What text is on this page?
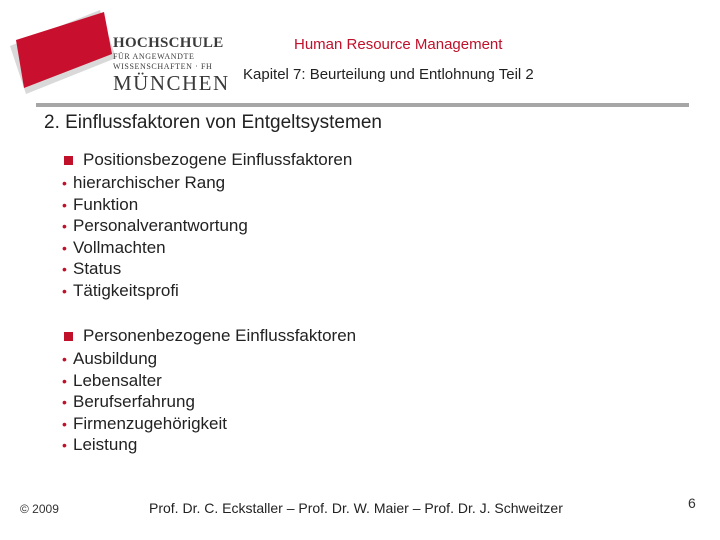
HOCHSCHULE
FÜR ANGEWANDTE
WISSENSCHAFTEN · FH
MÜNCHEN
Human Resource Management
Kapitel 7: Beurteilung und Entlohnung Teil 2
2. Einflussfaktoren von Entgeltsystemen
Positionsbezogene Einflussfaktoren
• hierarchischer Rang
• Funktion
• Personalverantwortung
• Vollmachten
• Status
• Tätigkeitsprofi
Personenbezogene Einflussfaktoren
• Ausbildung
• Lebensalter
• Berufserfahrung
• Firmenzugehörigkeit
• Leistung
© 2009	Prof. Dr. C. Eckstaller – Prof. Dr. W. Maier – Prof. Dr. J. Schweitzer	6
